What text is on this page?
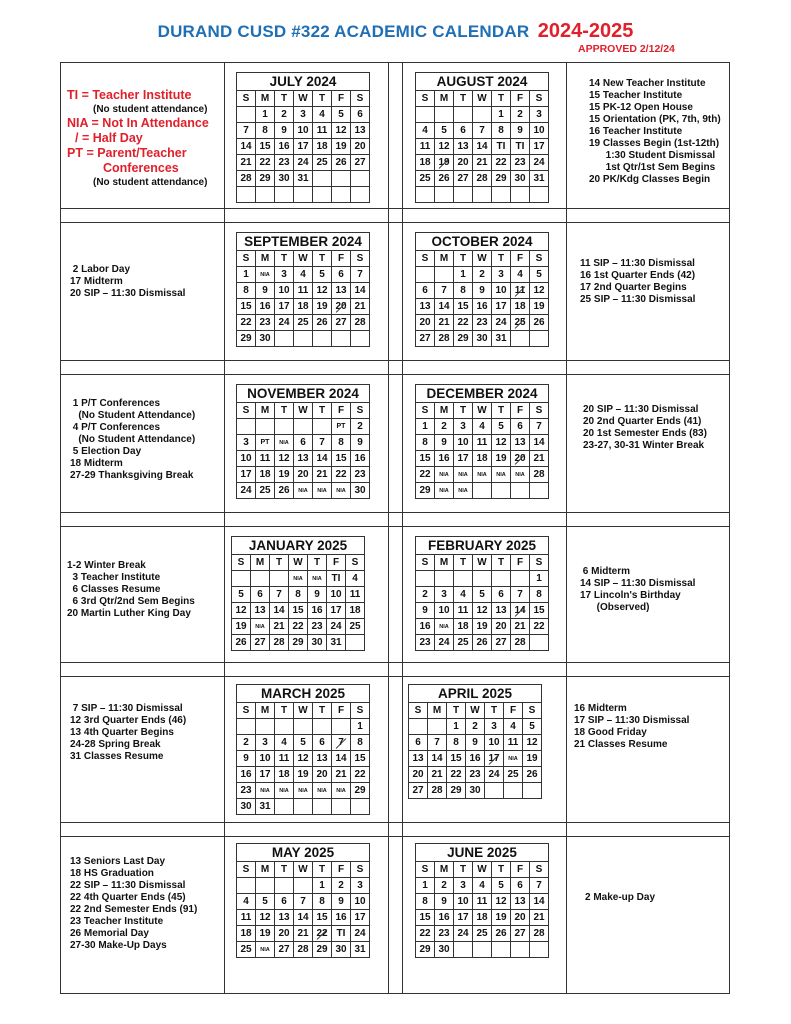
DURAND CUSD #322 ACADEMIC CALENDAR 2024-2025
APPROVED 2/12/24
TI = Teacher Institute
(No student attendance)
NIA = Not In Attendance
/ = Half Day
PT = Parent/Teacher
Conferences
(No student attendance)
JULY 2024
S	M	T	W	T	F	S
	1	2	3	4	5	6
7	8	9	10	11	12	13
14	15	16	17	18	19	20
21	22	23	24	25	26	27
28	29	30	31			

AUGUST 2024
S	M	T	W	T	F	S
				1	2	3
4	5	6	7	8	9	10
11	12	13	14	TI	TI	17
18	19	20	21	22	23	24
25	26	27	28	29	30	31

SEPTEMBER 2024
S	M	T	W	T	F	S
1	NIA	3	4	5	6	7
8	9	10	11	12	13	14
15	16	17	18	19	20	21
22	23	24	25	26	27	28
29	30					
OCTOBER 2024
S	M	T	W	T	F	S
		1	2	3	4	5
6	7	8	9	10	11	12
13	14	15	16	17	18	19
20	21	22	23	24	25	26
27	28	29	30	31		
NOVEMBER 2024
S	M	T	W	T	F	S
					PT	2
3	PT	NIA	6	7	8	9
10	11	12	13	14	15	16
17	18	19	20	21	22	23
24	25	26	NIA	NIA	NIA	30
DECEMBER 2024
S	M	T	W	T	F	S
1	2	3	4	5	6	7
8	9	10	11	12	13	14
15	16	17	18	19	20	21
22	NIA	NIA	NIA	NIA	NIA	28
29	NIA	NIA				
JANUARY 2025
S	M	T	W	T	F	S
			NIA	NIA	TI	4
5	6	7	8	9	10	11
12	13	14	15	16	17	18
19	NIA	21	22	23	24	25
26	27	28	29	30	31	
FEBRUARY 2025
S	M	T	W	T	F	S
						1
2	3	4	5	6	7	8
9	10	11	12	13	14	15
16	NIA	18	19	20	21	22
23	24	25	26	27	28	
MARCH 2025
S	M	T	W	T	F	S
						1
2	3	4	5	6	7	8
9	10	11	12	13	14	15
16	17	18	19	20	21	22
23	NIA	NIA	NIA	NIA	NIA	29
30	31					
APRIL 2025
S	M	T	W	T	F	S
		1	2	3	4	5
6	7	8	9	10	11	12
13	14	15	16	17	NIA	19
20	21	22	23	24	25	26
27	28	29	30			
MAY 2025
S	M	T	W	T	F	S
				1	2	3
4	5	6	7	8	9	10
11	12	13	14	15	16	17
18	19	20	21	22	TI	24
25	NIA	27	28	29	30	31
JUNE 2025
S	M	T	W	T	F	S
1	2	3	4	5	6	7
8	9	10	11	12	13	14
15	16	17	18	19	20	21
22	23	24	25	26	27	28
29	30					
14 New Teacher Institute
15 Teacher Institute
15 PK-12 Open House
15 Orientation (PK, 7th, 9th)
16 Teacher Institute
19 Classes Begin (1st-12th)
1:30 Student Dismissal
1st Qtr/1st Sem Begins
20 PK/Kdg Classes Begin
2 Labor Day
17 Midterm
20 SIP – 11:30 Dismissal
11 SIP – 11:30 Dismissal
16 1st Quarter Ends (42)
17 2nd Quarter Begins
25 SIP – 11:30 Dismissal
1 P/T Conferences
(No Student Attendance)
4 P/T Conferences
(No Student Attendance)
5 Election Day
18 Midterm
27-29 Thanksgiving Break
20 SIP – 11:30 Dismissal
20 2nd Quarter Ends (41)
20 1st Semester Ends (83)
23-27, 30-31 Winter Break
1-2 Winter Break
3 Teacher Institute
6 Classes Resume
6 3rd Qtr/2nd Sem Begins
20 Martin Luther King Day
6 Midterm
14 SIP – 11:30 Dismissal
17 Lincoln's Birthday
(Observed)
7 SIP – 11:30 Dismissal
12 3rd Quarter Ends (46)
13 4th Quarter Begins
24-28 Spring Break
31 Classes Resume
16 Midterm
17 SIP – 11:30 Dismissal
18 Good Friday
21 Classes Resume
13 Seniors Last Day
18 HS Graduation
22 SIP – 11:30 Dismissal
22 4th Quarter Ends (45)
22 2nd Semester Ends (91)
23 Teacher Institute
26 Memorial Day
27-30 Make-Up Days
2 Make-up Day
